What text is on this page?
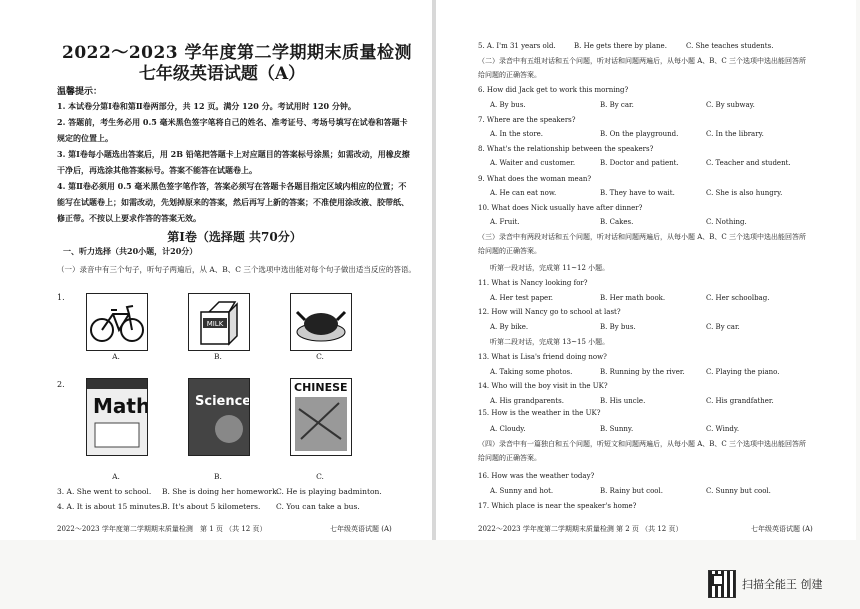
2022～2023 学年度第二学期期末质量检测
七年级英语试题（A）
温馨提示：
1. 本试卷分第Ⅰ卷和第Ⅱ卷两部分，共 12 页。满分 120 分。考试用时 120 分钟。
2. 答题前，考生务必用 0.5 毫米黑色签字笔将自己的姓名、准考证号、考场号填写在试卷和答题卡规定的位置上。
3. 第Ⅰ卷每小题选出答案后，用 2B 铅笔把答题卡上对应题目的答案标号涂黑；如需改动，用橡皮擦干净后，再选涂其他答案标号。答案不能答在试题卷上。
4. 第Ⅱ卷必须用 0.5 毫米黑色签字笔作答，答案必须写在答题卡各题目指定区域内相应的位置；不能写在试题卷上；如需改动，先划掉原来的答案，然后再写上新的答案；不准使用涂改液、胶带纸、修正带。不按以上要求作答的答案无效。
第Ⅰ卷（选择题 共70分）
一、听力选择（共20小题，计20分）
（一）录音中有三个句子，听句子两遍后，从 A、B、C 三个选项中选出能对每个句子做出适当反应的答语。
1.
MILK
A.	B.	C.
2.
Math	Science
CHINESE
A.	B.	C.
3. A. She went to school. B. She is doing her homework.
C. He is playing badminton.
4. A. It is about 15 minutes. B. It's about 5 kilometers. C. You can take a bus.
2022～2023 学年度第二学期期末质量检测 第 1 页 （共 12 页）	七年级英语试题 (A)
5. A. I'm 31 years old.	B. He gets there by plane.	C. She teaches students.
（二）录音中有五组对话和五个问题，听对话和问题两遍后，从每小题 A、B、C 三个选项中选出能回答所给问题的正确答案。
6. How did Jack get to work this morning?
A. By bus.	B. By car.	C. By subway.
7. Where are the speakers?
A. In the store.	B. On the playground.	C. In the library.
8. What's the relationship between the speakers?
A. Waiter and customer.	B. Doctor and patient.	C. Teacher and student.
9. What does the woman mean?
A. He can eat now.	B. They have to wait.	C. She is also hungry.
10. What does Nick usually have after dinner?
A. Fruit.	B. Cakes.	C. Nothing.
（三）录音中有两段对话和五个问题，听对话和问题两遍后，从每小题 A、B、C 三个选项中选出能回答所给问题的正确答案。
听第一段对话，完成第 11~12 小题。
11. What is Nancy looking for?
A. Her test paper.	B. Her math book.	C. Her schoolbag.
12. How will Nancy go to school at last?
A. By bike.	B. By bus.	C. By car.
听第二段对话，完成第 13~15 小题。
13. What is Lisa's friend doing now?
A. Taking some photos.	B. Running by the river.	C. Playing the piano.
14. Who will the boy visit in the UK?
A. His grandparents.	B. His uncle.	C. His grandfather.
15. How is the weather in the UK?
A. Cloudy.	B. Sunny.	C. Windy.
（四）录音中有一篇独白和五个问题，听短文和问题两遍后，从每小题 A、B、C 三个选项中选出能回答所给问题的正确答案。
16. How was the weather today?
A. Sunny and hot.	B. Rainy but cool.	C. Sunny but cool.
17. Which place is near the speaker's home?
2022～2023 学年度第二学期期末质量检测 第 2 页 （共 12 页）	七年级英语试题 (A)
扫描全能王 创建
